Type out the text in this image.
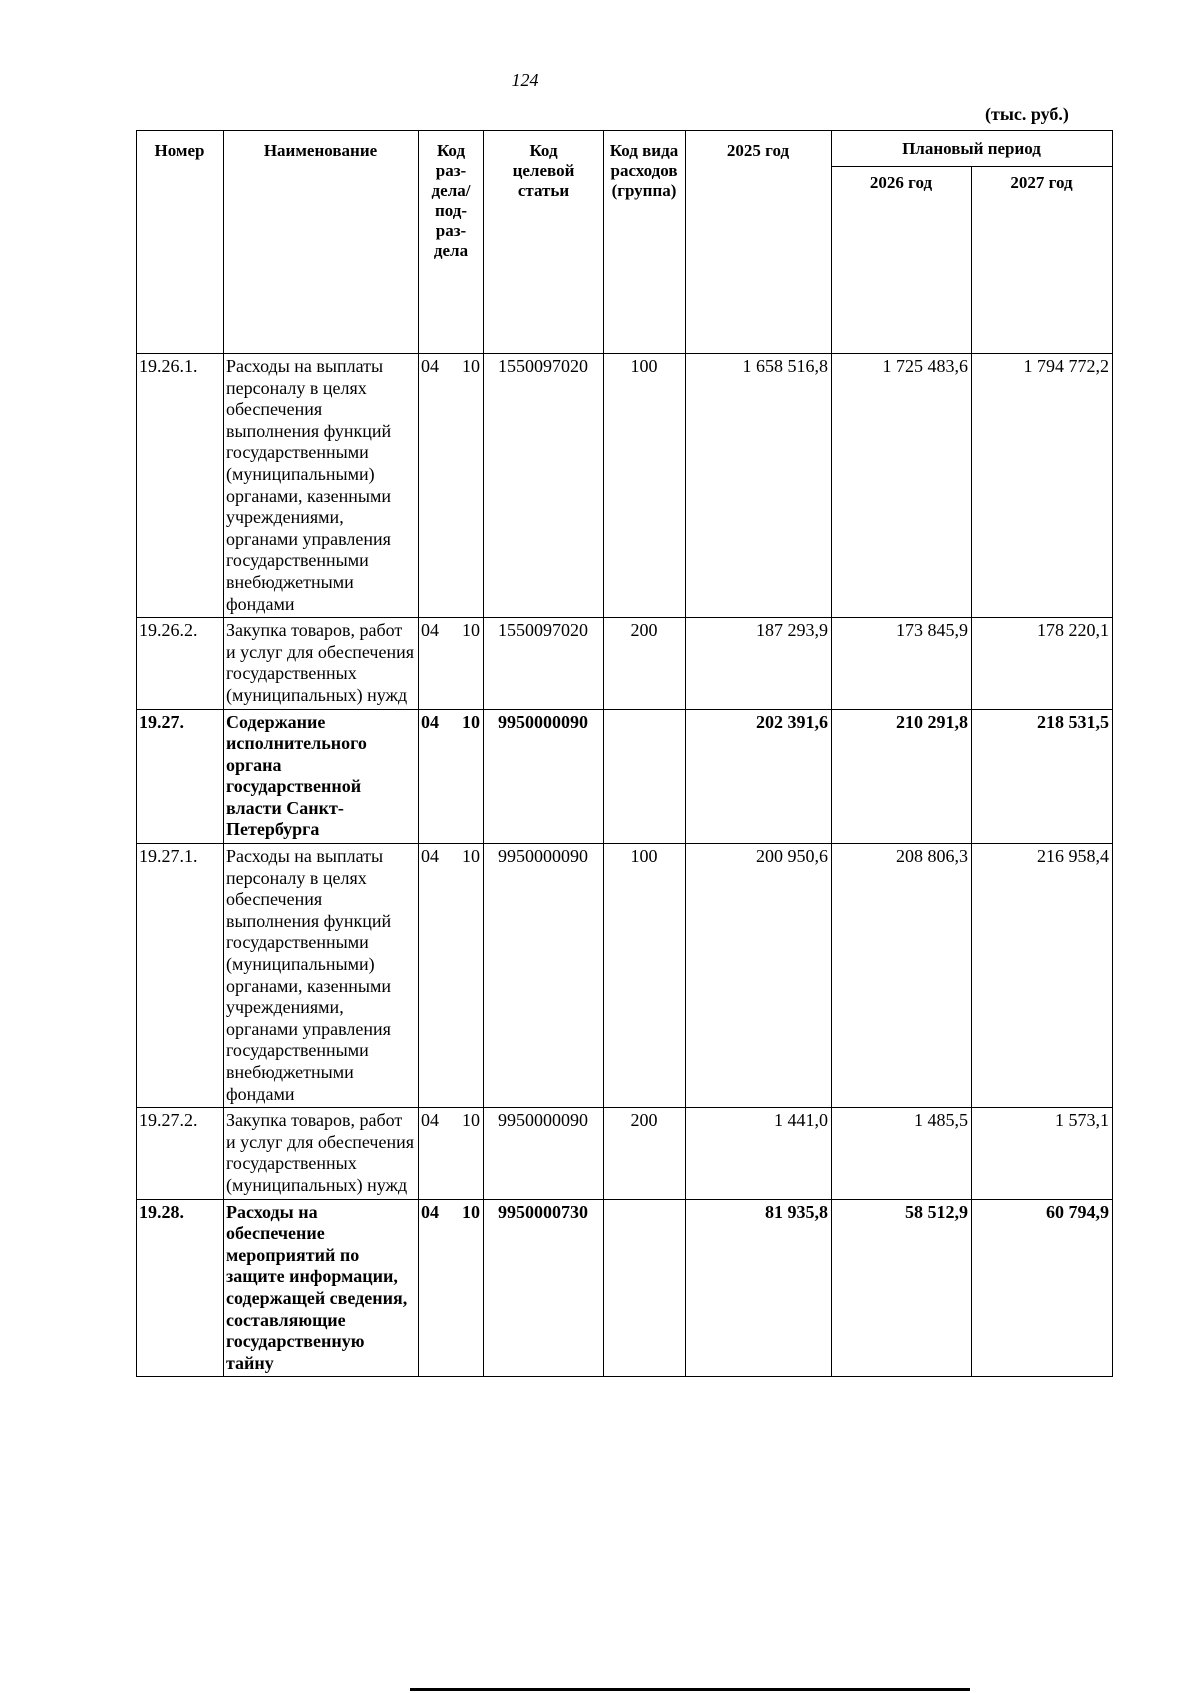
124
(тыс. руб.)
Номер	Наименование	Код раз-дела/ под-раз-дела	Код целевой статьи	Код вида расходов (группа)	2025 год	Плановый период	
						2026 год	2027 год
19.26.1.	Расходы на выплаты персоналу в целях обеспечения выполнения функций государственными (муниципальными) органами, казенными учреждениями, органами управления государственными внебюджетными фондами	04 10	1550097020	100	1 658 516,8	1 725 483,6	1 794 772,2
19.26.2.	Закупка товаров, работ и услуг для обеспечения государственных (муниципальных) нужд	04 10	1550097020	200	187 293,9	173 845,9	178 220,1
19.27.	Содержание исполнительного органа государственной власти Санкт-Петербурга	04 10	9950000090		202 391,6	210 291,8	218 531,5
19.27.1.	Расходы на выплаты персоналу в целях обеспечения выполнения функций государственными (муниципальными) органами, казенными учреждениями, органами управления государственными внебюджетными фондами	04 10	9950000090	100	200 950,6	208 806,3	216 958,4
19.27.2.	Закупка товаров, работ и услуг для обеспечения государственных (муниципальных) нужд	04 10	9950000090	200	1 441,0	1 485,5	1 573,1
19.28.	Расходы на обеспечение мероприятий по защите информации, содержащей сведения, составляющие государственную тайну	04 10	9950000730		81 935,8	58 512,9	60 794,9
